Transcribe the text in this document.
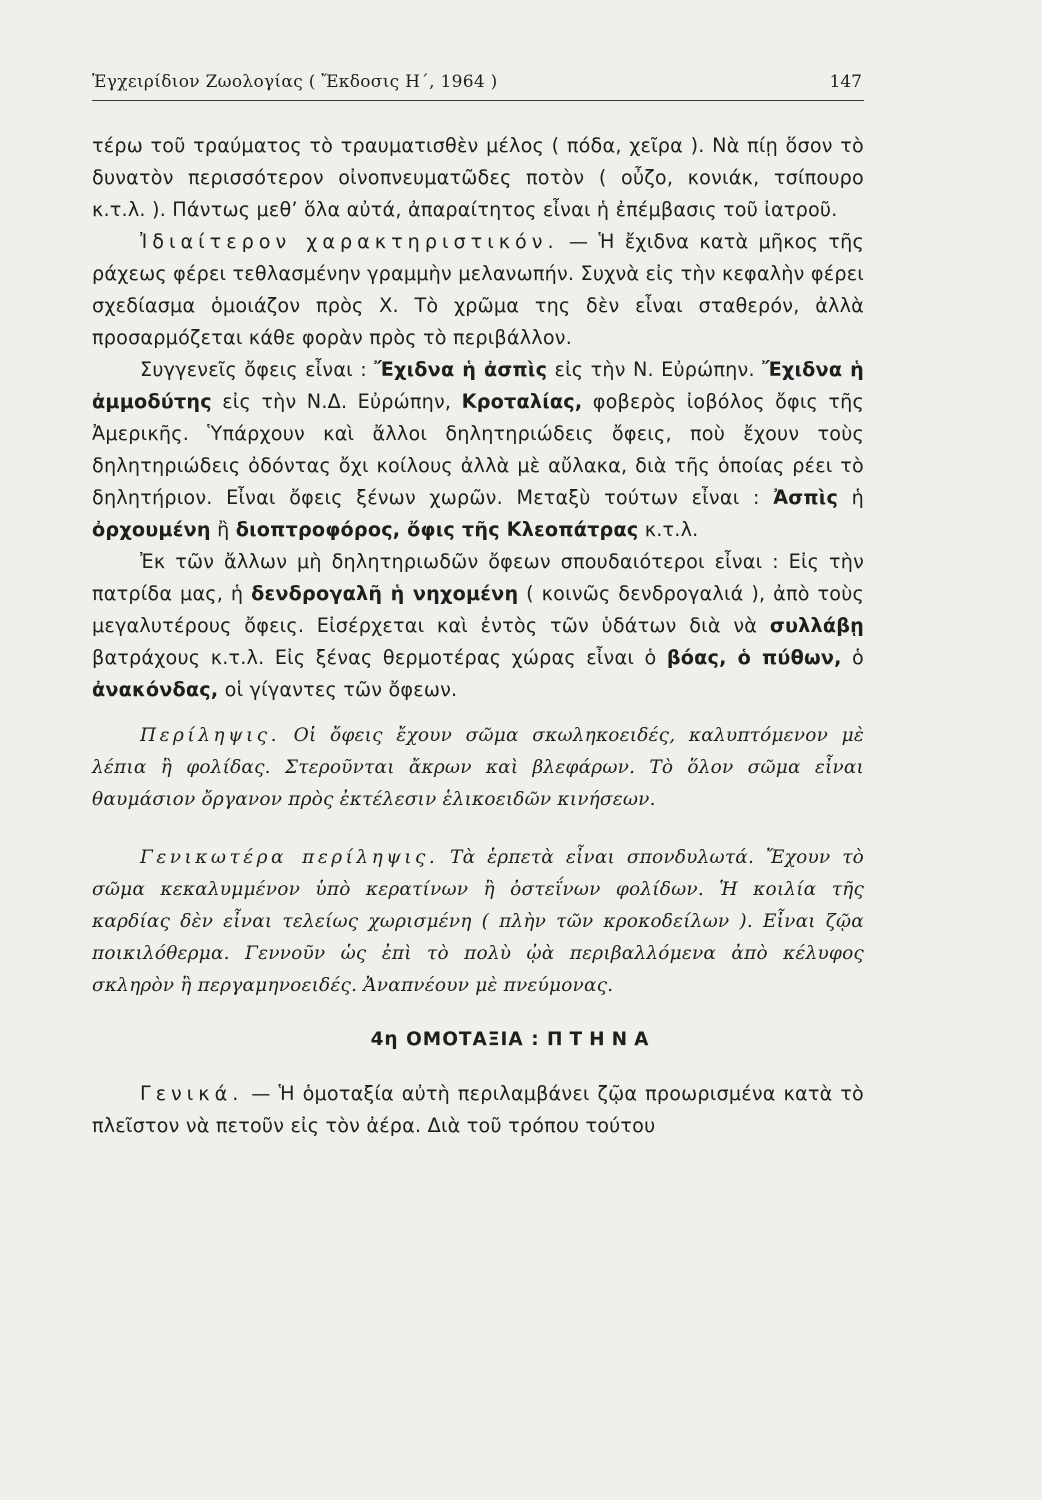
Ἐγχειρίδιον Ζωολογίας ( Ἔκδοσις Η΄, 1964 )	147

τέρω τοῦ τραύματος τὸ τραυματισθὲν μέλος ( πόδα, χεῖρα ). Νὰ πίῃ ὅσον τὸ δυνατὸν περισσότερον οἰνοπνευματῶδες ποτὸν ( οὖζο, κονιάκ, τσίπουρο κ.τ.λ. ). Πάντως μεθ’ ὅλα αὐτά, ἀπαραίτητος εἶναι ἡ ἐπέμβασις τοῦ ἰατροῦ.

Ἰδιαίτερον χαρακτηριστικόν. — Ἡ ἔχιδνα κατὰ μῆκος τῆς ράχεως φέρει τεθλασμένην γραμμὴν μελανωπήν. Συχνὰ εἰς τὴν κεφαλὴν φέρει σχεδίασμα ὁμοιάζον πρὸς Χ. Τὸ χρῶμα της δὲν εἶναι σταθερόν, ἀλλὰ προσαρμόζεται κάθε φορὰν πρὸς τὸ περιβάλλον.

Συγγενεῖς ὄφεις εἶναι : Ἔχιδνα ἡ ἀσπὶς εἰς τὴν Ν. Εὐρώπην. Ἔχιδνα ἡ ἀμμοδύτης εἰς τὴν Ν.Δ. Εὐρώπην, Κροταλίας, φοβερὸς ἰοβόλος ὄφις τῆς Ἀμερικῆς. Ὑπάρχουν καὶ ἄλλοι δηλητηριώδεις ὄφεις, ποὺ ἔχουν τοὺς δηλητηριώδεις ὀδόντας ὄχι κοίλους ἀλλὰ μὲ αὔλακα, διὰ τῆς ὁποίας ρέει τὸ δηλητήριον. Εἶναι ὄφεις ξένων χωρῶν. Μεταξὺ τούτων εἶναι : Ἀσπὶς ἡ ὀρχουμένη ἢ διοπτροφόρος, ὄφις τῆς Κλεοπάτρας κ.τ.λ.

Ἐκ τῶν ἄλλων μὴ δηλητηριωδῶν ὄφεων σπουδαιότεροι εἶναι : Εἰς τὴν πατρίδα μας, ἡ δενδρογαλῆ ἡ νηχομένη ( κοινῶς δενδρογαλιά ), ἀπὸ τοὺς μεγαλυτέρους ὄφεις. Εἰσέρχεται καὶ ἐντὸς τῶν ὑδάτων διὰ νὰ συλλάβῃ βατράχους κ.τ.λ. Εἰς ξένας θερμοτέρας χώρας εἶναι ὁ βόας, ὁ πύθων, ὁ ἀνακόνδας, οἱ γίγαντες τῶν ὄφεων.

Περίληψις. Οἱ ὄφεις ἔχουν σῶμα σκωληκοειδές, καλυπτόμενον μὲ λέπια ἢ φολίδας. Στεροῦνται ἄκρων καὶ βλεφάρων. Τὸ ὅλον σῶμα εἶναι θαυμάσιον ὄργανον πρὸς ἐκτέλεσιν ἑλικοειδῶν κινήσεων.

Γενικωτέρα περίληψις. Τὰ ἑρπετὰ εἶναι σπονδυλωτά. Ἔχουν τὸ σῶμα κεκαλυμμένον ὑπὸ κερατίνων ἢ ὀστεΐνων φολίδων. Ἡ κοιλία τῆς καρδίας δὲν εἶναι τελείως χωρισμένη ( πλὴν τῶν κροκοδείλων ). Εἶναι ζῷα ποικιλόθερμα. Γεννοῦν ὡς ἐπὶ τὸ πολὺ ᾠὰ περιβαλλόμενα ἀπὸ κέλυφος σκληρὸν ἢ περγαμηνοειδές. Ἀναπνέουν μὲ πνεύμονας.

4η ΟΜΟΤΑΞΙΑ : ΠΤΗΝΑ

Γενικά. — Ἡ ὁμοταξία αὐτὴ περιλαμβάνει ζῷα προωρισμένα κατὰ τὸ πλεῖστον νὰ πετοῦν εἰς τὸν ἀέρα. Διὰ τοῦ τρόπου τούτου
